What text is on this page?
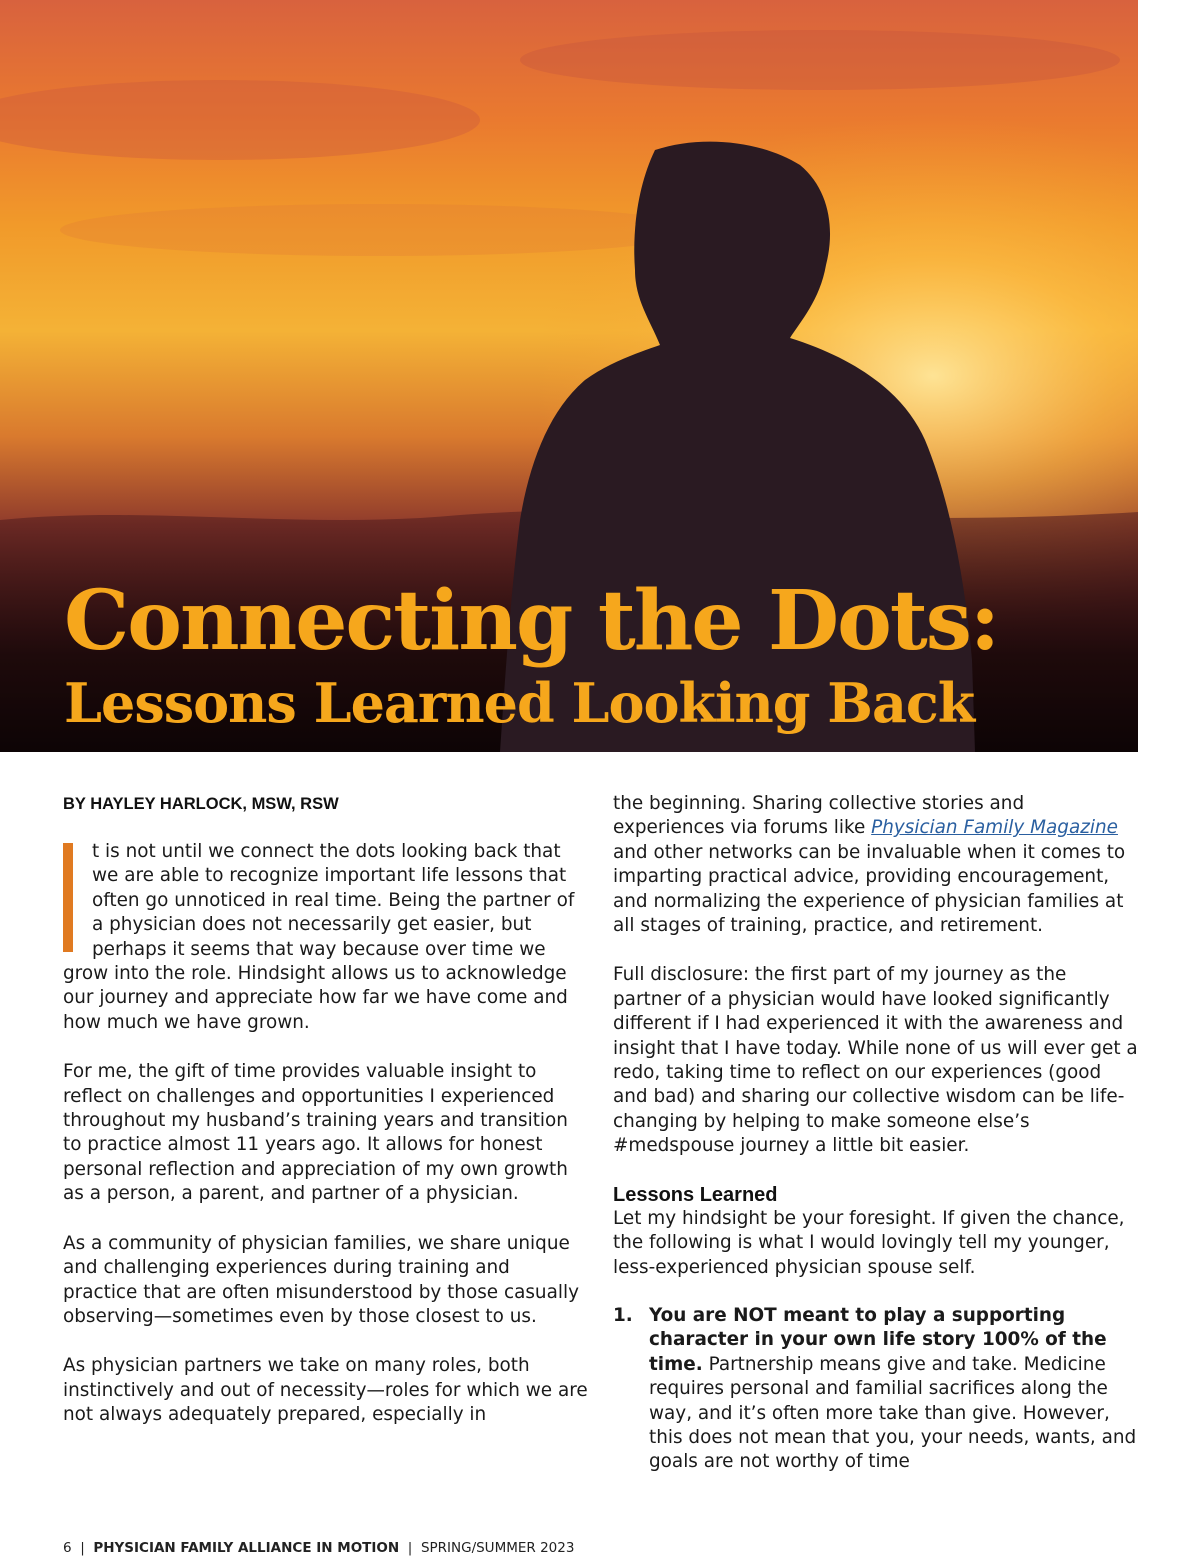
Connecting the Dots:
Lessons Learned Looking Back
BY HAYLEY HARLOCK, MSW, RSW

t is not until we connect the dots looking back that we are able to recognize important life lessons that often go unnoticed in real time. Being the partner of a physician does not necessarily get easier, but perhaps it seems that way because over time we grow into the role. Hindsight allows us to acknowledge our journey and appreciate how far we have come and how much we have grown.

For me, the gift of time provides valuable insight to reflect on challenges and opportunities I experienced throughout my husband’s training years and transition to practice almost 11 years ago. It allows for honest personal reflection and appreciation of my own growth as a person, a parent, and partner of a physician.

As a community of physician families, we share unique and challenging experiences during training and practice that are often misunderstood by those casually observing—sometimes even by those closest to us.

As physician partners we take on many roles, both instinctively and out of necessity—roles for which we are not always adequately prepared, especially in

the beginning. Sharing collective stories and experiences via forums like Physician Family Magazine and other networks can be invaluable when it comes to imparting practical advice, providing encouragement, and normalizing the experience of physician families at all stages of training, practice, and retirement.

Full disclosure: the first part of my journey as the partner of a physician would have looked significantly different if I had experienced it with the awareness and insight that I have today. While none of us will ever get a redo, taking time to reflect on our experiences (good and bad) and sharing our collective wisdom can be life-changing by helping to make someone else’s #medspouse journey a little bit easier.

Lessons Learned

Let my hindsight be your foresight. If given the chance, the following is what I would lovingly tell my younger, less-experienced physician spouse self.

1. You are NOT meant to play a supporting character in your own life story 100% of the time. Partnership means give and take. Medicine requires personal and familial sacrifices along the way, and it’s often more take than give. However, this does not mean that you, your needs, wants, and goals are not worthy of time
6 | PHYSICIAN FAMILY ALLIANCE IN MOTION | SPRING/SUMMER 2023
